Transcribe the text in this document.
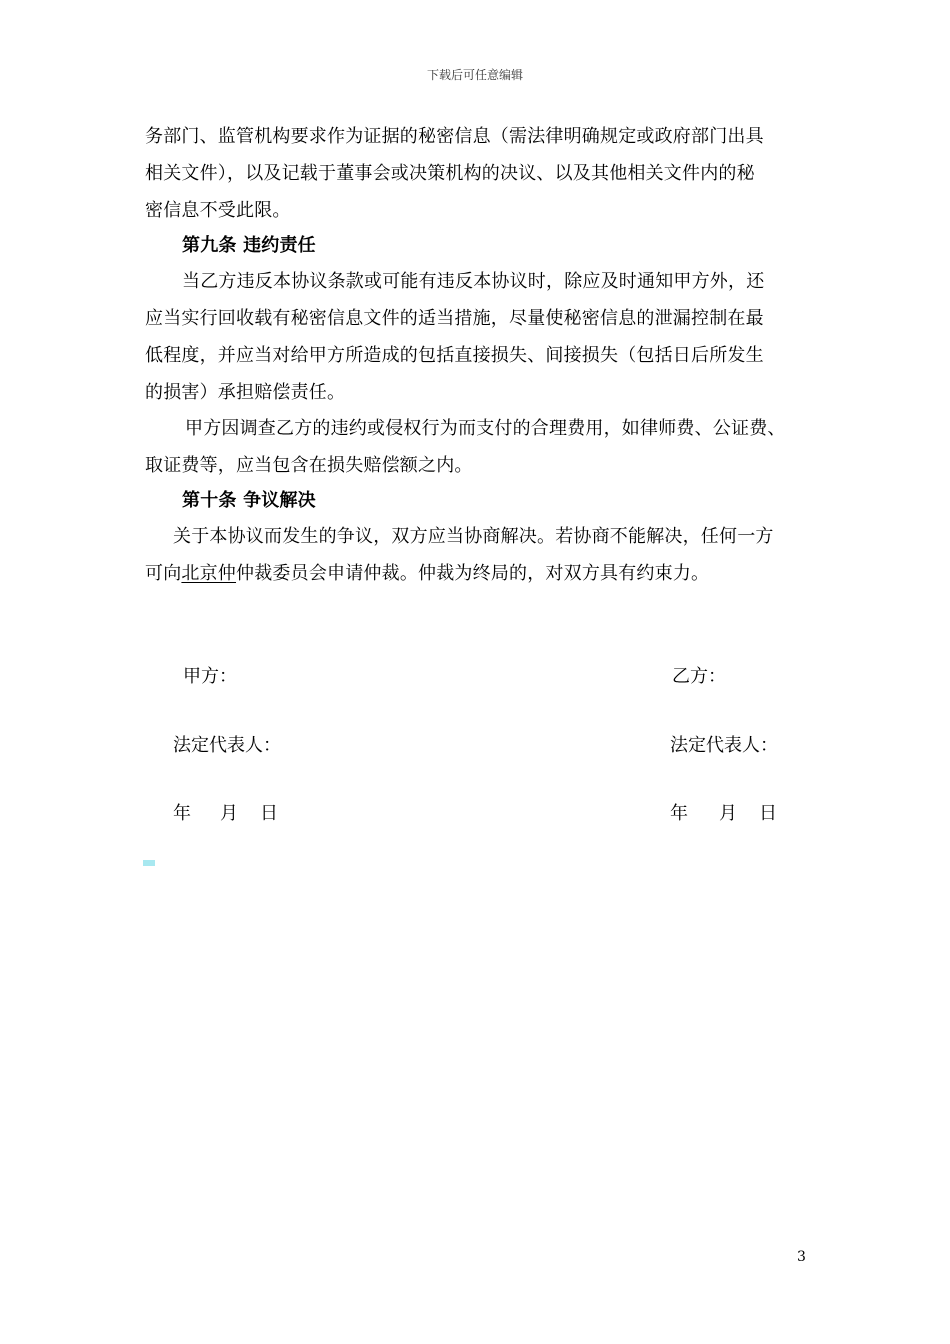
下载后可任意编辑
务部门、监管机构要求作为证据的秘密信息（需法律明确规定或政府部门出具
相关文件），以及记载于董事会或决策机构的决议、以及其他相关文件内的秘
密信息不受此限。
第九条 违约责任
当乙方违反本协议条款或可能有违反本协议时，除应及时通知甲方外，还
应当实行回收载有秘密信息文件的适当措施，尽量使秘密信息的泄漏控制在最
低程度，并应当对给甲方所造成的包括直接损失、间接损失（包括日后所发生
的损害）承担赔偿责任。
甲方因调查乙方的违约或侵权行为而支付的合理费用，如律师费、公证费、
取证费等，应当包含在损失赔偿额之内。
第十条 争议解决
关于本协议而发生的争议，双方应当协商解决。若协商不能解决，任何一方
可向北京仲仲裁委员会申请仲裁。仲裁为终局的，对双方具有约束力。
甲方：	乙方：
法定代表人：	法定代表人：
年 月 日	年 月 日
3
